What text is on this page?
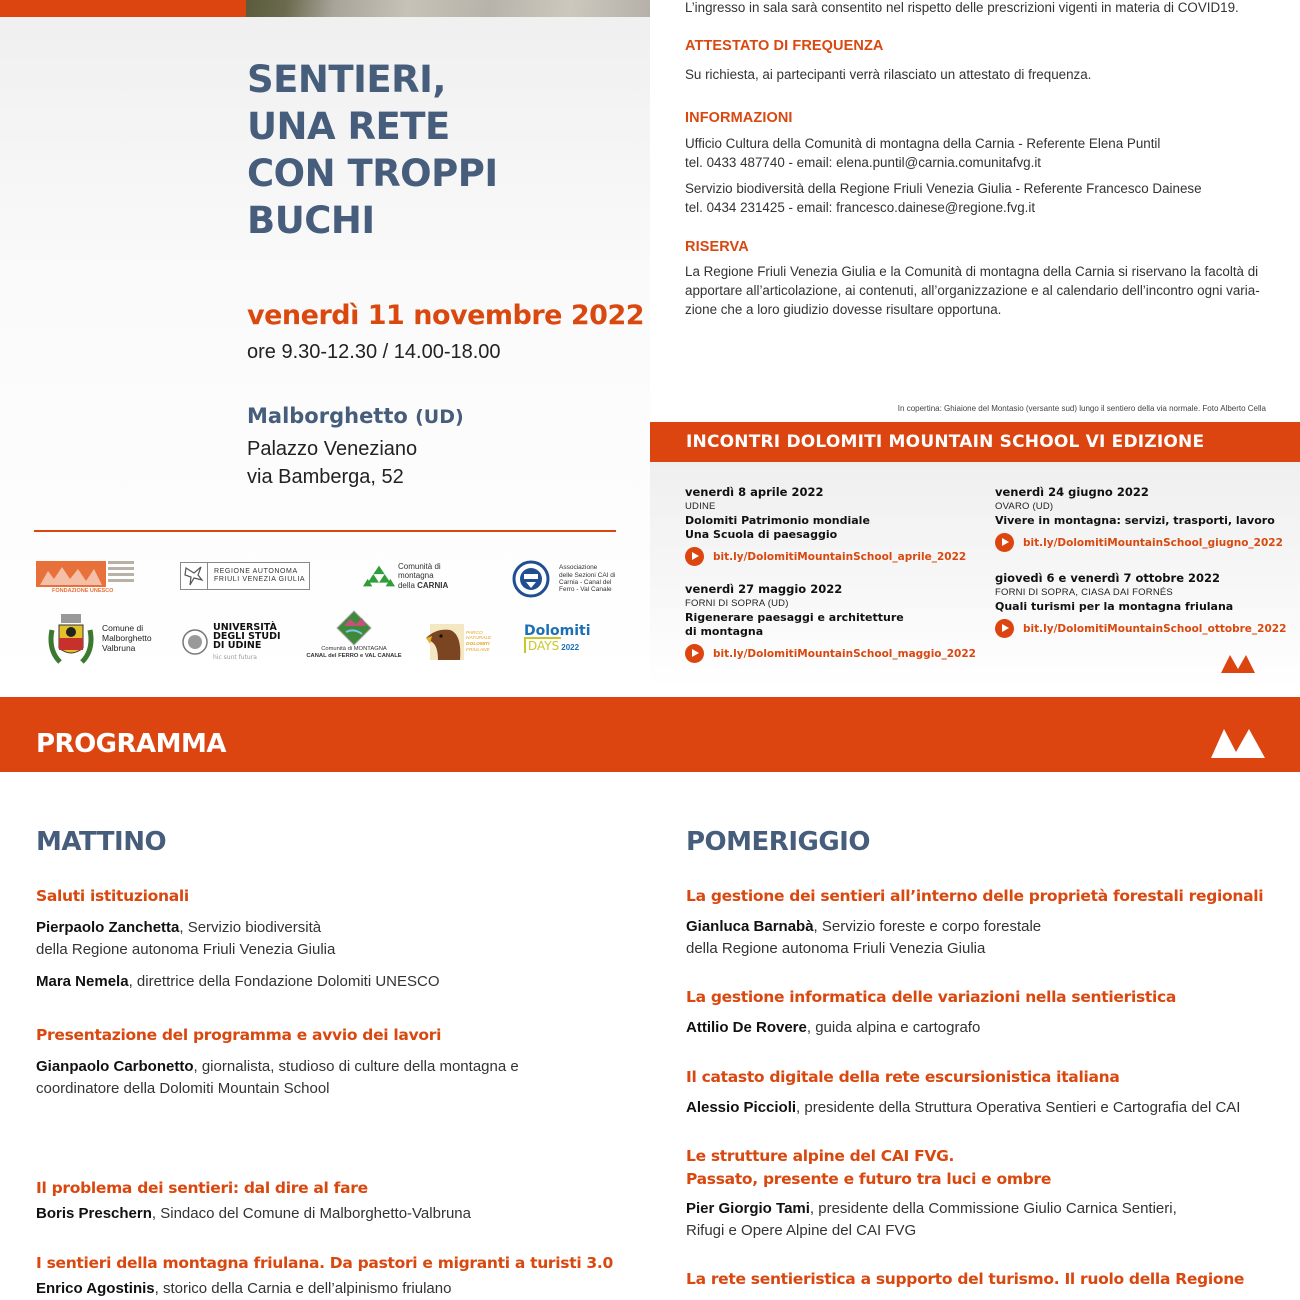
SENTIERI,
UNA RETE
CON TROPPI
BUCHI
venerdì 11 novembre 2022
ore 9.30-12.30 / 14.00-18.00
Malborghetto (UD)
Palazzo Veneziano
via Bamberga, 52
FONDAZIONE UNESCO
REGIONE AUTONOMA
FRIULI VENEZIA GIULIA
Comunità di montagna
della CARNIA
Associazione
delle Sezioni CAI di
Carnia - Canal del
Ferro - Val Canale
Comune di
Malborghetto
Valbruna
UNIVERSITÀ
DEGLI STUDI
DI UDINE
hic sunt futura
Comunità di MONTAGNA
CANAL del FERRO e VAL CANALE
PARCO
NATURALE
DOLOMITI
FRIULANE
Dolomiti
DAYS 2022
L’ingresso in sala sarà consentito nel rispetto delle prescrizioni vigenti in materia di COVID19.
ATTESTATO DI FREQUENZA
Su richiesta, ai partecipanti verrà rilasciato un attestato di frequenza.
INFORMAZIONI
Ufficio Cultura della Comunità di montagna della Carnia - Referente Elena Puntil
tel. 0433 487740 - email: elena.puntil@carnia.comunitafvg.it
Servizio biodiversità della Regione Friuli Venezia Giulia - Referente Francesco Dainese
tel. 0434 231425 - email: francesco.dainese@regione.fvg.it
RISERVA
La Regione Friuli Venezia Giulia e la Comunità di montagna della Carnia si riservano la facoltà di
apportare all’articolazione, ai contenuti, all’organizzazione e al calendario dell’incontro ogni varia-
zione che a loro giudizio dovesse risultare opportuna.
In copertina: Ghiaione del Montasio (versante sud) lungo il sentiero della via normale. Foto Alberto Cella
INCONTRI DOLOMITI MOUNTAIN SCHOOL VI EDIZIONE
venerdì 8 aprile 2022
UDINE
Dolomiti Patrimonio mondiale
Una Scuola di paesaggio
bit.ly/DolomitiMountainSchool_aprile_2022
venerdì 27 maggio 2022
FORNI DI SOPRA (UD)
Rigenerare paesaggi e architetture
di montagna
bit.ly/DolomitiMountainSchool_maggio_2022
venerdì 24 giugno 2022
OVARO (UD)
Vivere in montagna: servizi, trasporti, lavoro
bit.ly/DolomitiMountainSchool_giugno_2022
giovedì 6 e venerdì 7 ottobre 2022
FORNI DI SOPRA, CIASA DAI FORNÉS
Quali turismi per la montagna friulana
bit.ly/DolomitiMountainSchool_ottobre_2022
PROGRAMMA
MATTINO
Saluti istituzionali
Pierpaolo Zanchetta, Servizio biodiversità
della Regione autonoma Friuli Venezia Giulia
Mara Nemela, direttrice della Fondazione Dolomiti UNESCO
Presentazione del programma e avvio dei lavori
Gianpaolo Carbonetto, giornalista, studioso di culture della montagna e
coordinatore della Dolomiti Mountain School
Il problema dei sentieri: dal dire al fare
Boris Preschern, Sindaco del Comune di Malborghetto-Valbruna
I sentieri della montagna friulana. Da pastori e migranti a turisti 3.0
Enrico Agostinis, storico della Carnia e dell’alpinismo friulano
POMERIGGIO
La gestione dei sentieri all’interno delle proprietà forestali regionali
Gianluca Barnabà, Servizio foreste e corpo forestale
della Regione autonoma Friuli Venezia Giulia
La gestione informatica delle variazioni nella sentieristica
Attilio De Rovere, guida alpina e cartografo
Il catasto digitale della rete escursionistica italiana
Alessio Piccioli, presidente della Struttura Operativa Sentieri e Cartografia del CAI
Le strutture alpine del CAI FVG.
Passato, presente e futuro tra luci e ombre
Pier Giorgio Tami, presidente della Commissione Giulio Carnica Sentieri,
Rifugi e Opere Alpine del CAI FVG
La rete sentieristica a supporto del turismo. Il ruolo della Regione
